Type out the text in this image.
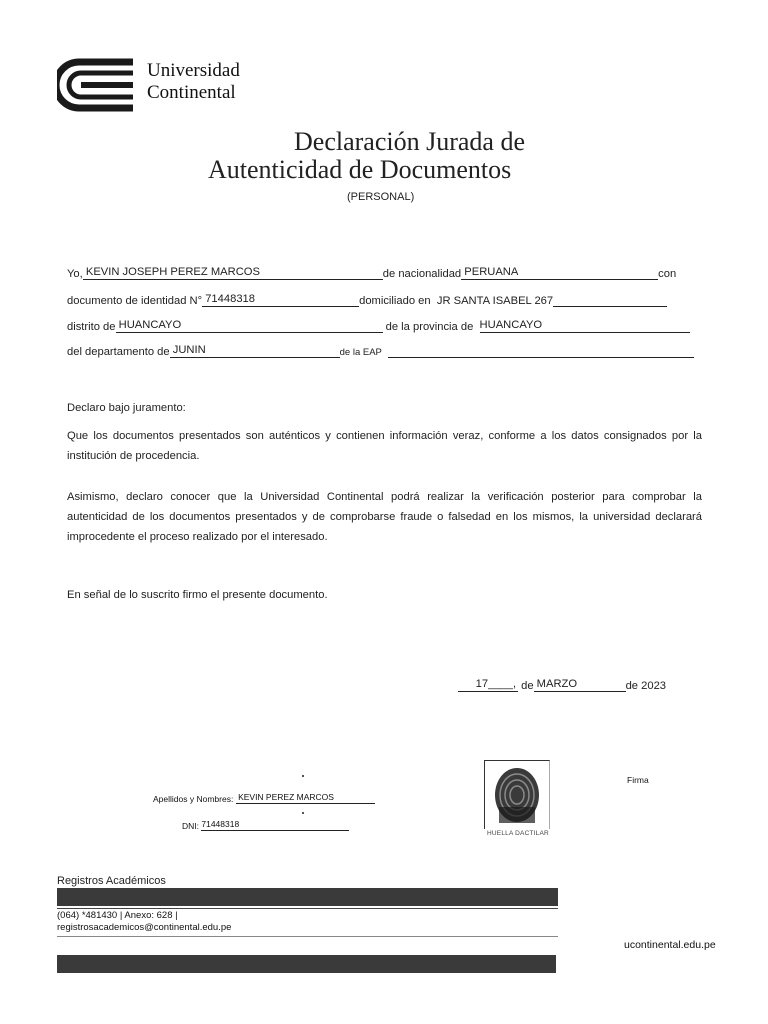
Universidad
Continental
Declaración Jurada de
Autenticidad de Documentos
(PERSONAL)
Yo, KEVIN JOSEPH PEREZ MARCOS	de nacionalidad PERUANA	con
documento de identidad N° 71448318	domiciliado en JR SANTA ISABEL 267
distrito de HUANCAYO	de la provincia de HUANCAYO
del departamento de JUNIN	de la EAP
Declaro bajo juramento:
Que los documentos presentados son auténticos y contienen información veraz, conforme a los datos consignados por la institución de procedencia.
Asimismo, declaro conocer que la Universidad Continental podrá realizar la verificación posterior para comprobar la autenticidad de los documentos presentados y de comprobarse fraude o falsedad en los mismos, la universidad declarará improcedente el proceso realizado por el interesado.
En señal de lo suscrito firmo el presente documento.
17____, de MARZO	de 2023
Apellidos y Nombres: KEVIN PEREZ MARCOS
DNI: 71448318
HUELLA DACTILAR
Firma
Registros Académicos
(064) *481430 | Anexo: 628 |
registrosacademicos@continental.edu.pe
ucontinental.edu.pe
